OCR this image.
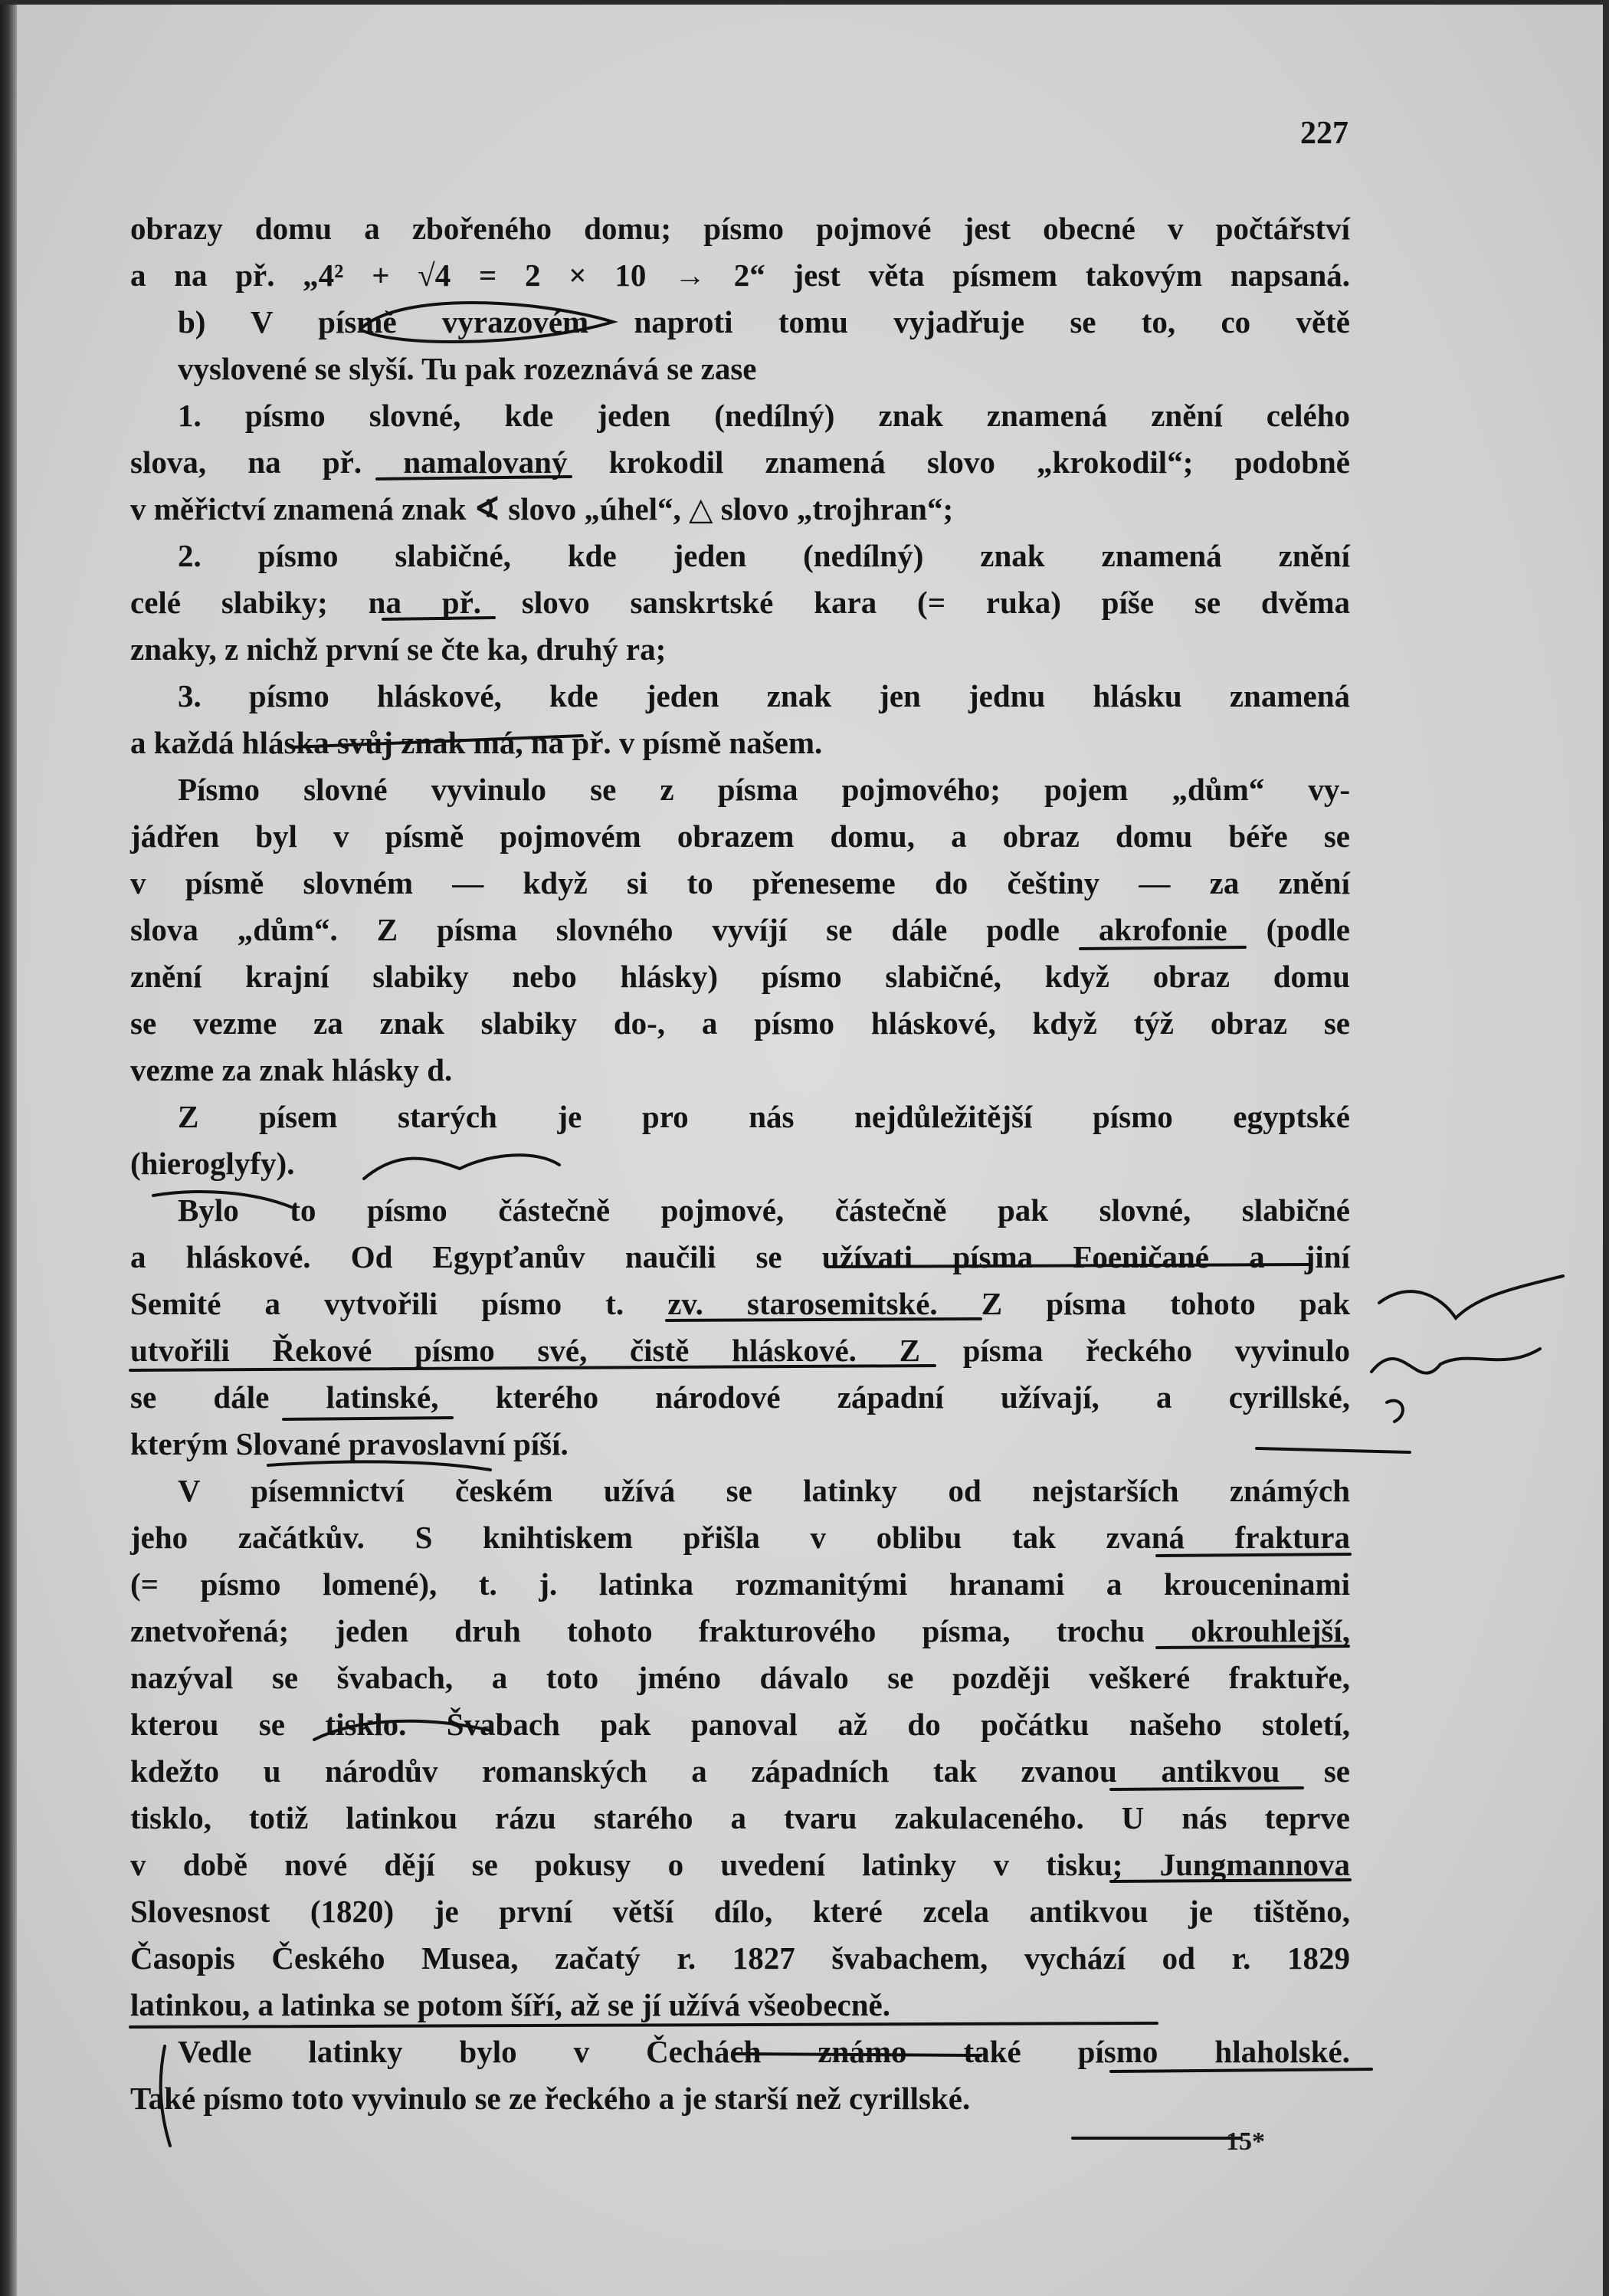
227
obrazy domu a zbořeného domu; písmo pojmové jest obecné v počtářství
a na př. „4² + √4 = 2 × 10 → 2“ jest věta písmem takovým napsaná.
b) V písmě vyrazovém naproti tomu vyjadřuje se to, co větě
vyslovené se slyší. Tu pak rozeznává se zase
1. písmo slovné, kde jeden (nedílný) znak znamená znění celého
slova, na př. namalovaný krokodil znamená slovo „krokodil“; podobně
v měřictví znamená znak ∢ slovo „úhel“, △ slovo „trojhran“;
2. písmo slabičné, kde jeden (nedílný) znak znamená znění
celé slabiky; na př. slovo sanskrtské kara (= ruka) píše se dvěma
znaky, z nichž první se čte ka, druhý ra;
3. písmo hláskové, kde jeden znak jen jednu hlásku znamená
a každá hláska svůj znak má, na př. v písmě našem.
Písmo slovné vyvinulo se z písma pojmového; pojem „dům“ vy-
jádřen byl v písmě pojmovém obrazem domu, a obraz domu béře se
v písmě slovném — když si to přeneseme do češtiny — za znění
slova „dům“. Z písma slovného vyvíjí se dále podle akrofonie (podle
znění krajní slabiky nebo hlásky) písmo slabičné, když obraz domu
se vezme za znak slabiky do-, a písmo hláskové, když týž obraz se
vezme za znak hlásky d.
Z písem starých je pro nás nejdůležitější písmo egyptské
(hieroglyfy).
Bylo to písmo částečně pojmové, částečně pak slovné, slabičné
a hláskové. Od Egypťanův naučili se užívati písma Foeničané a jiní
Semité a vytvořili písmo t. zv. starosemitské. Z písma tohoto pak
utvořili Řekové písmo své, čistě hláskové. Z písma řeckého vyvinulo
se dále latinské, kterého národové západní užívají, a cyrillské,
kterým Slované pravoslavní píší.
V písemnictví českém užívá se latinky od nejstarších známých
jeho začátkův. S knihtiskem přišla v oblibu tak zvaná fraktura
(= písmo lomené), t. j. latinka rozmanitými hranami a krouceninami
znetvořená; jeden druh tohoto frakturového písma, trochu okrouhlejší,
nazýval se švabach, a toto jméno dávalo se později veškeré fraktuře,
kterou se tisklo. Švabach pak panoval až do počátku našeho století,
kdežto u národův romanských a západních tak zvanou antikvou se
tisklo, totiž latinkou rázu starého a tvaru zakulaceného. U nás teprve
v době nové dějí se pokusy o uvedení latinky v tisku; Jungmannova
Slovesnost (1820) je první větší dílo, které zcela antikvou je tištěno,
Časopis Českého Musea, začatý r. 1827 švabachem, vychází od r. 1829
latinkou, a latinka se potom šíří, až se jí užívá všeobecně.
Vedle latinky bylo v Čechách známo také písmo hlaholské.
Také písmo toto vyvinulo se ze řeckého a je starší než cyrillské.
15*
